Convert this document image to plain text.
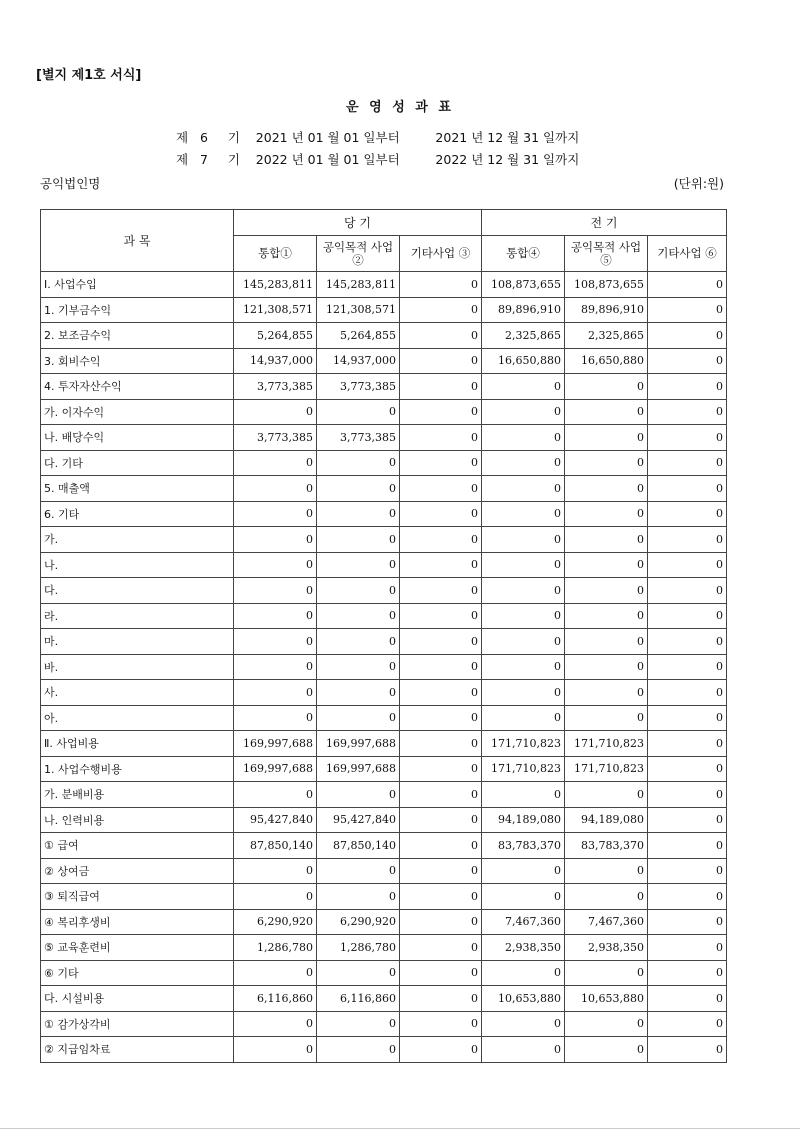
[별지 제1호 서식]
운 영 성 과 표
제   6     기    2021 년 01 월 01 일부터         2021 년 12 월 31 일까지
제   7     기    2022 년 01 월 01 일부터         2022 년 12 월 31 일까지
공익법인명	(단위:원)
과 목	당 기			전 기		
	통합①	공익목적 사업②	기타사업 ③	통합④	공익목적 사업⑤	기타사업 ⑥
Ⅰ. 사업수입	145,283,811	145,283,811	0	108,873,655	108,873,655	0
1. 기부금수익	121,308,571	121,308,571	0	89,896,910	89,896,910	0
2. 보조금수익	5,264,855	5,264,855	0	2,325,865	2,325,865	0
3. 회비수익	14,937,000	14,937,000	0	16,650,880	16,650,880	0
4. 투자자산수익	3,773,385	3,773,385	0	0	0	0
가. 이자수익	0	0	0	0	0	0
나. 배당수익	3,773,385	3,773,385	0	0	0	0
다. 기타	0	0	0	0	0	0
5. 매출액	0	0	0	0	0	0
6. 기타	0	0	0	0	0	0
가.	0	0	0	0	0	0
나.	0	0	0	0	0	0
다.	0	0	0	0	0	0
라.	0	0	0	0	0	0
마.	0	0	0	0	0	0
바.	0	0	0	0	0	0
사.	0	0	0	0	0	0
아.	0	0	0	0	0	0
Ⅱ. 사업비용	169,997,688	169,997,688	0	171,710,823	171,710,823	0
1. 사업수행비용	169,997,688	169,997,688	0	171,710,823	171,710,823	0
가. 분배비용	0	0	0	0	0	0
나. 인력비용	95,427,840	95,427,840	0	94,189,080	94,189,080	0
① 급여	87,850,140	87,850,140	0	83,783,370	83,783,370	0
② 상여금	0	0	0	0	0	0
③ 퇴직급여	0	0	0	0	0	0
④ 복리후생비	6,290,920	6,290,920	0	7,467,360	7,467,360	0
⑤ 교육훈련비	1,286,780	1,286,780	0	2,938,350	2,938,350	0
⑥ 기타	0	0	0	0	0	0
다. 시설비용	6,116,860	6,116,860	0	10,653,880	10,653,880	0
① 감가상각비	0	0	0	0	0	0
② 지급임차료	0	0	0	0	0	0
